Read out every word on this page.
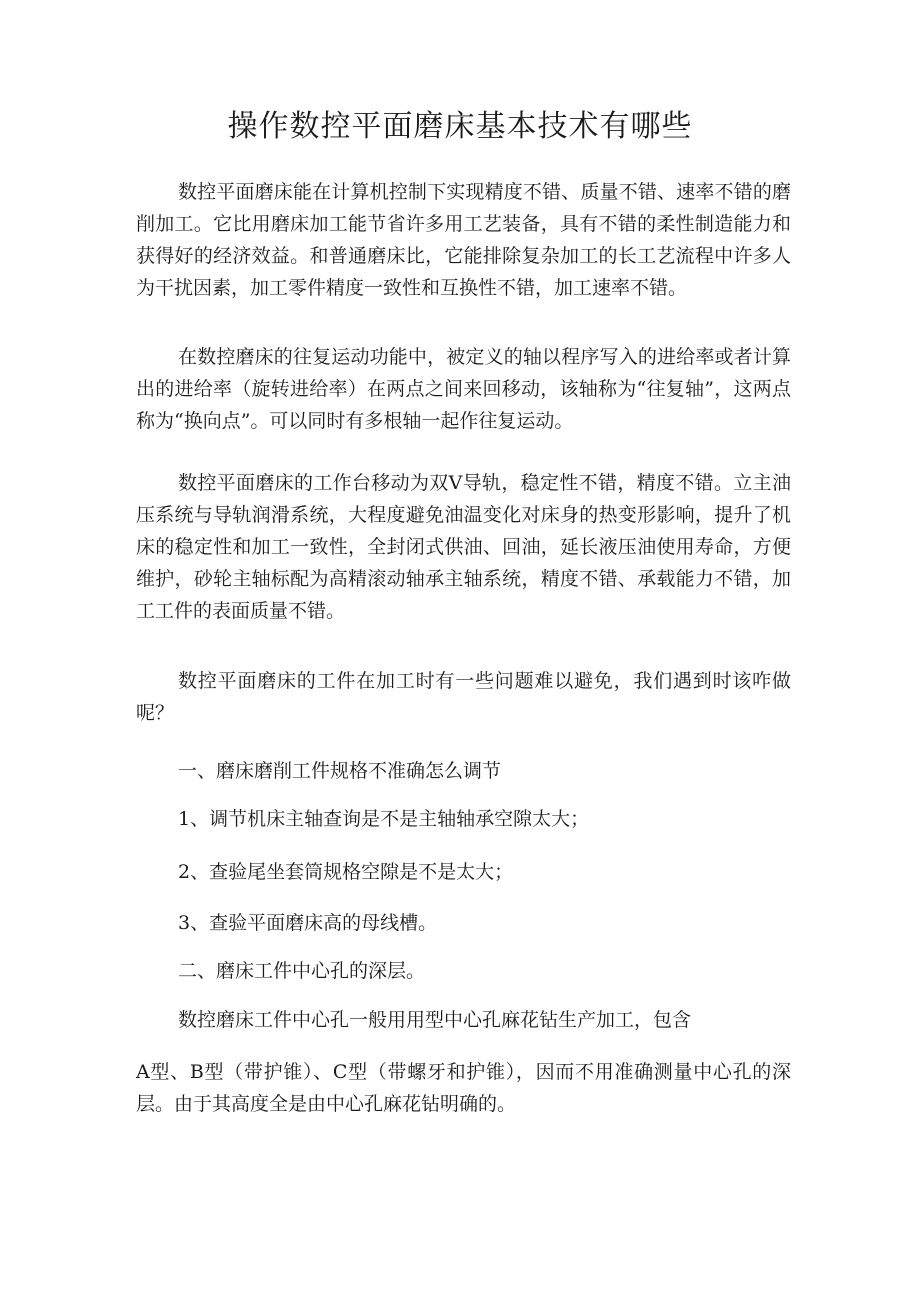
操作数控平面磨床基本技术有哪些

数控平面磨床能在计算机控制下实现精度不错、质量不错、速率不错的磨削加工。它比用磨床加工能节省许多用工艺装备，具有不错的柔性制造能力和获得好的经济效益。和普通磨床比，它能排除复杂加工的长工艺流程中许多人为干扰因素，加工零件精度一致性和互换性不错，加工速率不错。

在数控磨床的往复运动功能中，被定义的轴以程序写入的进给率或者计算出的进给率（旋转进给率）在两点之间来回移动，该轴称为“往复轴”，这两点称为“换向点”。可以同时有多根轴一起作往复运动。

数控平面磨床的工作台移动为双V导轨，稳定性不错，精度不错。立主油压系统与导轨润滑系统，大程度避免油温变化对床身的热变形影响，提升了机床的稳定性和加工一致性，全封闭式供油、回油，延长液压油使用寿命，方便维护，砂轮主轴标配为高精滚动轴承主轴系统，精度不错、承载能力不错，加工工件的表面质量不错。

数控平面磨床的工件在加工时有一些问题难以避免，我们遇到时该咋做呢？

一、磨床磨削工件规格不准确怎么调节

1、调节机床主轴查询是不是主轴轴承空隙太大；

2、查验尾坐套筒规格空隙是不是太大；

3、查验平面磨床高的母线槽。

二、磨床工件中心孔的深层。

数控磨床工件中心孔一般用用型中心孔麻花钻生产加工，包含

A型、B型（带护锥）、C型（带螺牙和护锥），因而不用准确测量中心孔的深层。由于其高度全是由中心孔麻花钻明确的。
